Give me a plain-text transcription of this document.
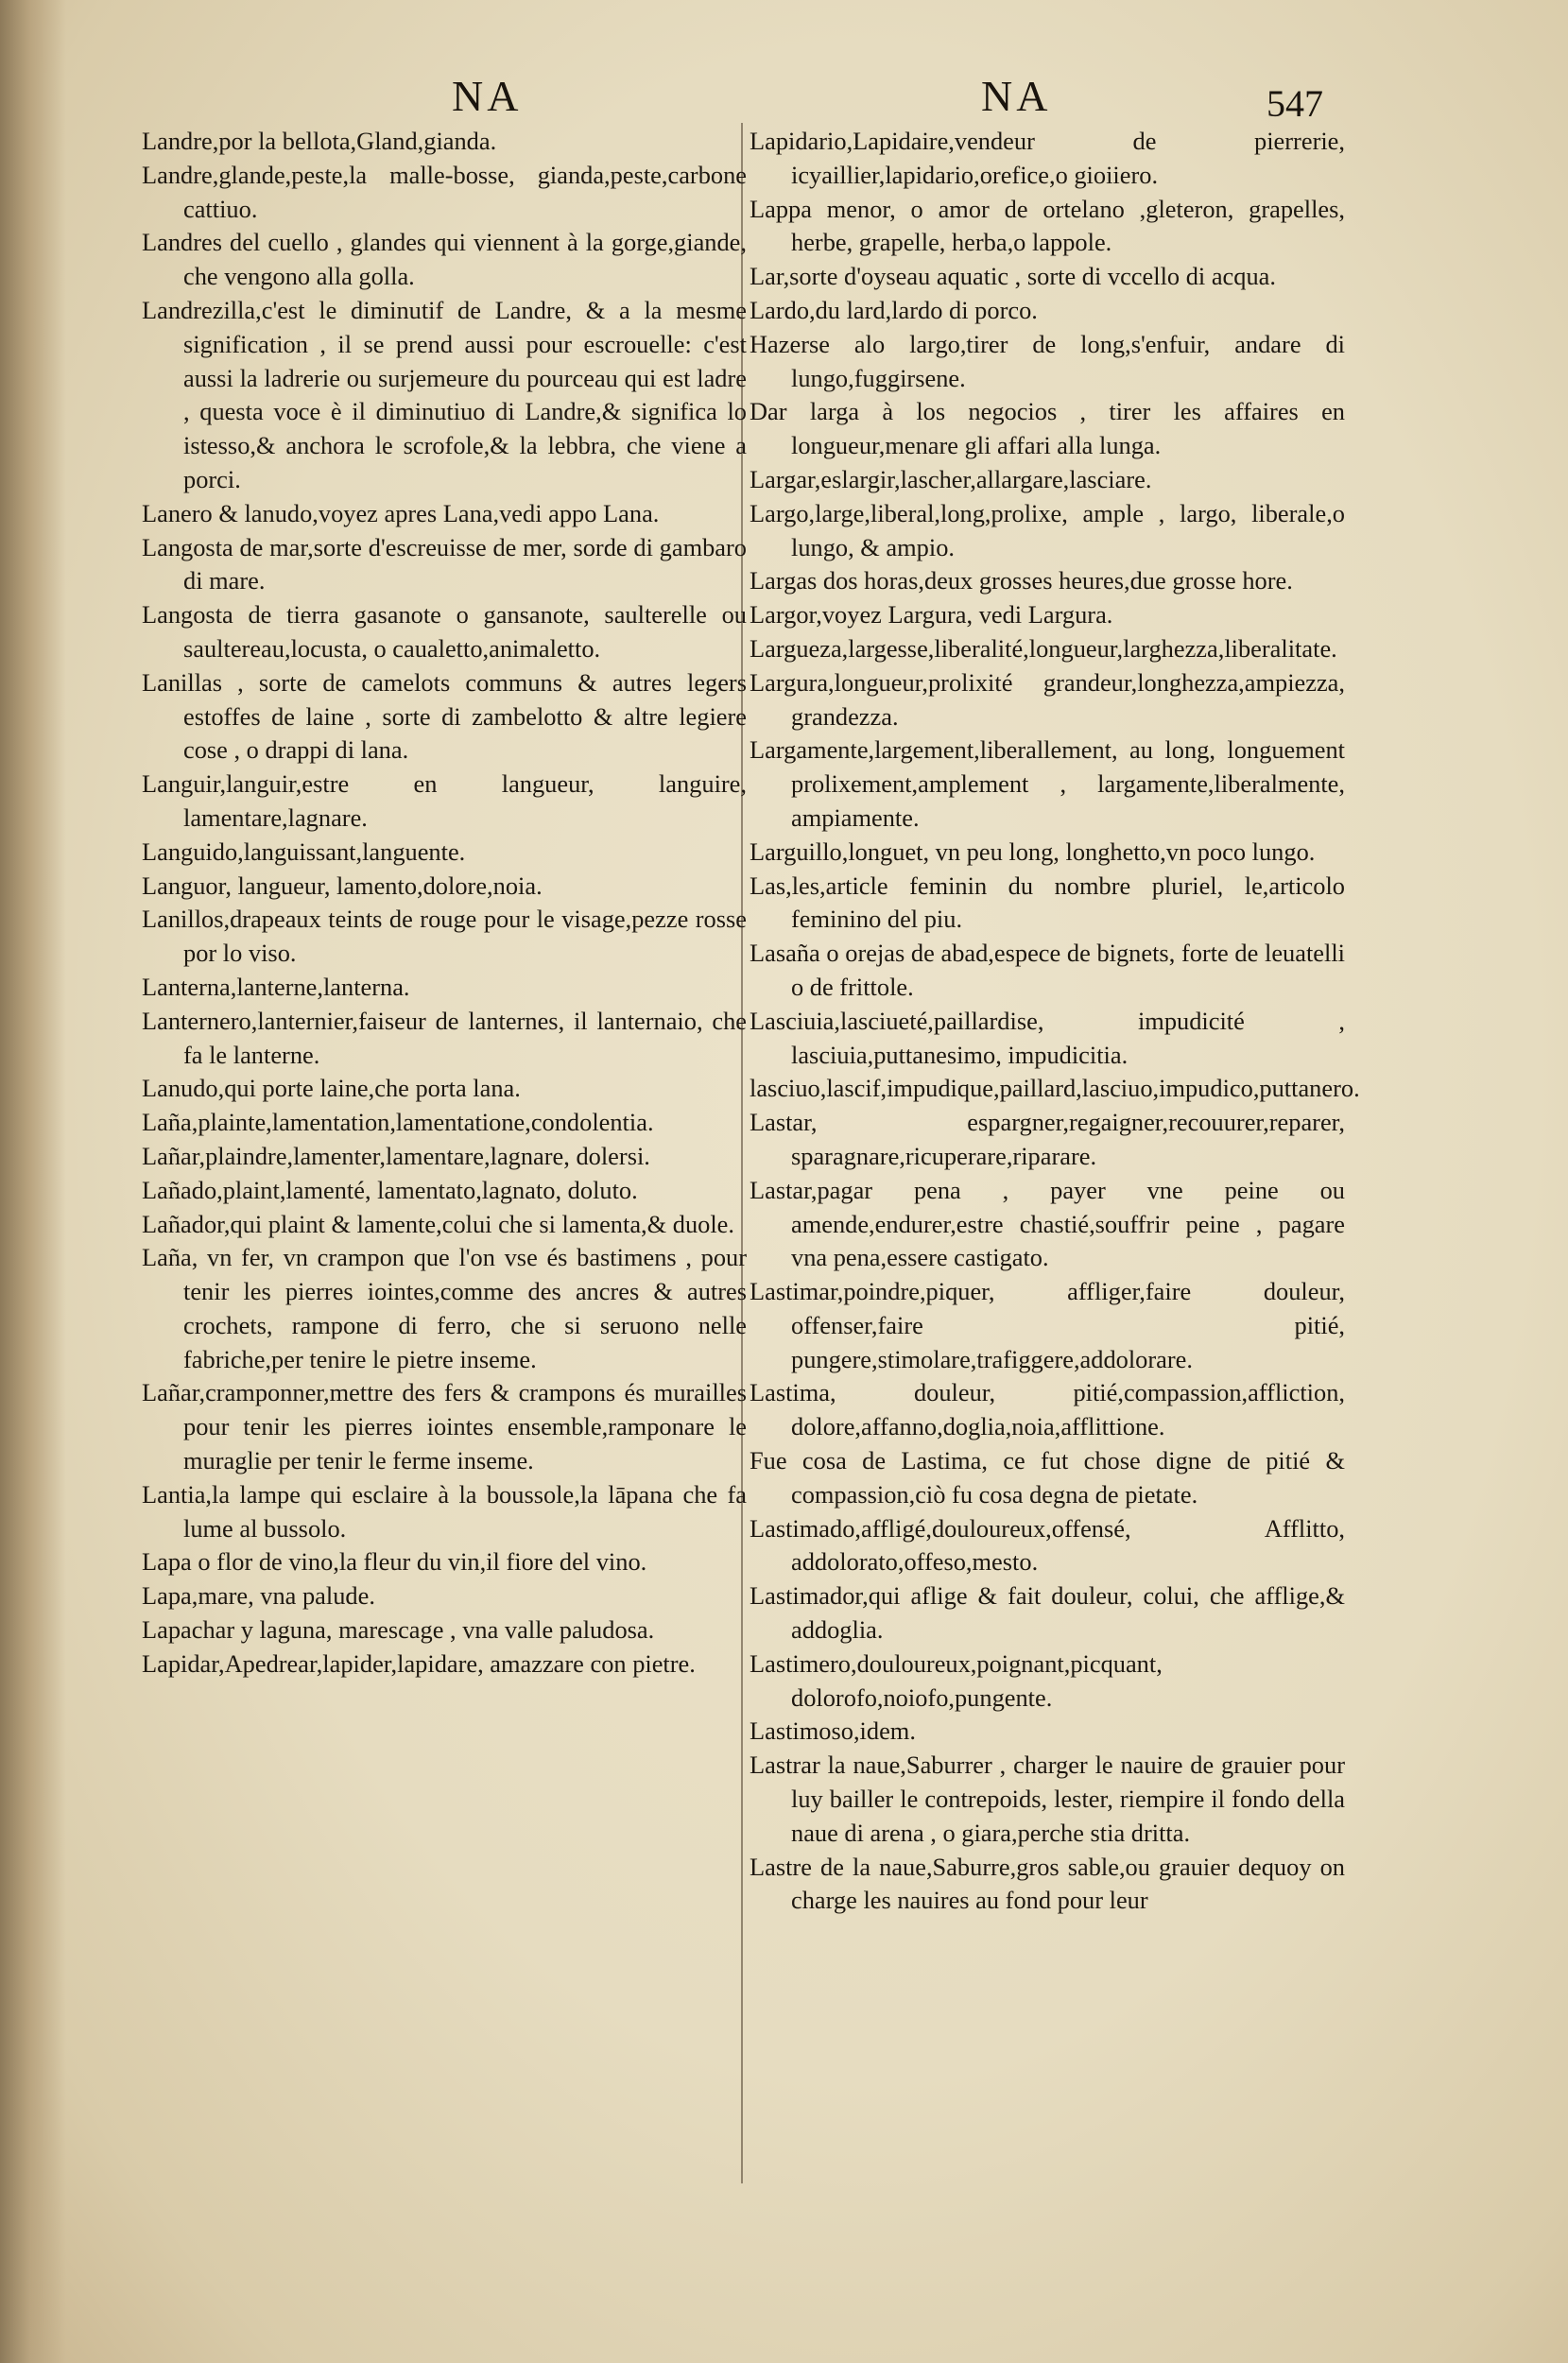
NA	NA	547

Landre,por la bellota,Gland,gianda.

Landre,glande,peste,la malle-bosse, gianda,peste,carbone cattiuo.

Landres del cuello , glandes qui viennent à la gorge,giande, che vengono alla golla.

Landrezilla,c'est le diminutif de Landre, & a la mesme signification , il se prend aussi pour escrouelle: c'est aussi la ladrerie ou surjemeure du pourceau qui est ladre , questa voce è il diminutiuo di Landre,& significa lo istesso,& anchora le scrofole,& la lebbra, che viene a porci.

Lanero & lanudo,voyez apres Lana,vedi appo Lana.

Langosta de mar,sorte d'escreuisse de mer, sorde di gambaro di mare.

Langosta de tierra gasanote o gansanote, saulterelle ou saultereau,locusta, o caualetto,animaletto.

Lanillas , sorte de camelots communs & autres legers estoffes de laine , sorte di zambelotto & altre legiere cose , o drappi di lana.

Languir,languir,estre en langueur, languire, lamentare,lagnare.

Languido,languissant,languente.

Languor, langueur, lamento,dolore,noia.

Lanillos,drapeaux teints de rouge pour le visage,pezze rosse por lo viso.

Lanterna,lanterne,lanterna.

Lanternero,lanternier,faiseur de lanternes, il lanternaio, che fa le lanterne.

Lanudo,qui porte laine,che porta lana.

Laña,plainte,lamentation,lamentatione,condolentia.

Lañar,plaindre,lamenter,lamentare,lagnare, dolersi.

Lañado,plaint,lamenté, lamentato,lagnato, doluto.

Lañador,qui plaint & lamente,colui che si lamenta,& duole.

Laña, vn fer, vn crampon que l'on vse és bastimens , pour tenir les pierres iointes,comme des ancres & autres crochets, rampone di ferro, che si seruono nelle fabriche,per tenire le pietre inseme.

Lañar,cramponner,mettre des fers & crampons és murailles pour tenir les pierres iointes ensemble,ramponare le muraglie per tenir le ferme inseme.

Lantia,la lampe qui esclaire à la boussole,la lāpana che fa lume al bussolo.

Lapa o flor de vino,la fleur du vin,il fiore del vino.

Lapa,mare, vna palude.

Lapachar y laguna, marescage , vna valle paludosa.

Lapidar,Apedrear,lapider,lapidare, amazzare con pietre.

Lapidario,Lapidaire,vendeur de pierrerie, icyaillier,lapidario,orefice,o gioiiero.

Lappa menor, o amor de ortelano ,gleteron, grapelles, herbe, grapelle, herba,o lappole.

Lar,sorte d'oyseau aquatic , sorte di vccello di acqua.

Lardo,du lard,lardo di porco.

Hazerse alo largo,tirer de long,s'enfuir, andare di lungo,fuggirsene.

Dar larga à los negocios , tirer les affaires en longueur,menare gli affari alla lunga.

Largar,eslargir,lascher,allargare,lasciare.

Largo,large,liberal,long,prolixe, ample , largo, liberale,o lungo, & ampio.

Largas dos horas,deux grosses heures,due grosse hore.

Largor,voyez Largura, vedi Largura.

Largueza,largesse,liberalité,longueur,larghezza,liberalitate.

Largura,longueur,prolixité grandeur,longhezza,ampiezza, grandezza.

Largamente,largement,liberallement, au long, longuement prolixement,amplement , largamente,liberalmente, ampiamente.

Larguillo,longuet, vn peu long, longhetto,vn poco lungo.

Las,les,article feminin du nombre pluriel, le,articolo feminino del piu.

Lasaña o orejas de abad,espece de bignets, forte de leuatelli o de frittole.

Lasciuia,lasciueté,paillardise, impudicité , lasciuia,puttanesimo, impudicitia.

lasciuo,lascif,impudique,paillard,lasciuo,impudico,puttanero.

Lastar, espargner,regaigner,recouurer,reparer, sparagnare,ricuperare,riparare.

Lastar,pagar pena , payer vne peine ou amende,endurer,estre chastié,souffrir peine , pagare vna pena,essere castigato.

Lastimar,poindre,piquer, affliger,faire douleur, offenser,faire pitié, pungere,stimolare,trafiggere,addolorare.

Lastima, douleur, pitié,compassion,affliction, dolore,affanno,doglia,noia,afflittione.

Fue cosa de Lastima, ce fut chose digne de pitié & compassion,ciò fu cosa degna de pietate.

Lastimado,affligé,douloureux,offensé, Afflitto, addolorato,offeso,mesto.

Lastimador,qui aflige & fait douleur, colui, che afflige,& addoglia.

Lastimero,douloureux,poignant,picquant, dolorofo,noiofo,pungente.

Lastimoso,idem.

Lastrar la naue,Saburrer , charger le nauire de grauier pour luy bailler le contrepoids, lester, riempire il fondo della naue di arena , o giara,perche stia dritta.

Lastre de la naue,Saburre,gros sable,ou grauier dequoy on charge les nauires au fond pour leur
